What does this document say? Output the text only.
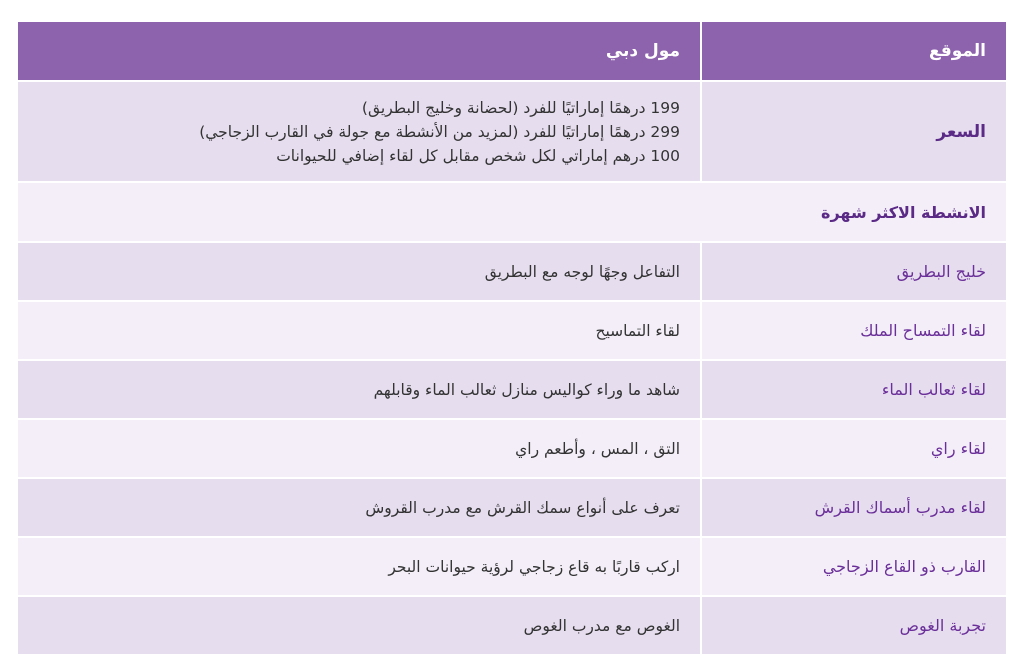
الموقع
مول دبي
السعر
199 درهمًا إماراتيًا للفرد (لحضانة وخليج البطريق)
299 درهمًا إماراتيًا للفرد (لمزيد من الأنشطة مع جولة في القارب الزجاجي)
100 درهم إماراتي لكل شخص مقابل كل لقاء إضافي للحيوانات
الانشطة الاكثر شهرة
خليج البطريق
التفاعل وجهًا لوجه مع البطريق
لقاء التمساح الملك
لقاء التماسيح
لقاء ثعالب الماء
شاهد ما وراء كواليس منازل ثعالب الماء وقابلهم
لقاء راي
التق ، المس ، وأطعم راي
لقاء مدرب أسماك القرش
تعرف على أنواع سمك القرش مع مدرب القروش
القارب ذو القاع الزجاجي
اركب قاربًا به قاع زجاجي لرؤية حيوانات البحر
تجربة الغوص
الغوص مع مدرب الغوص
